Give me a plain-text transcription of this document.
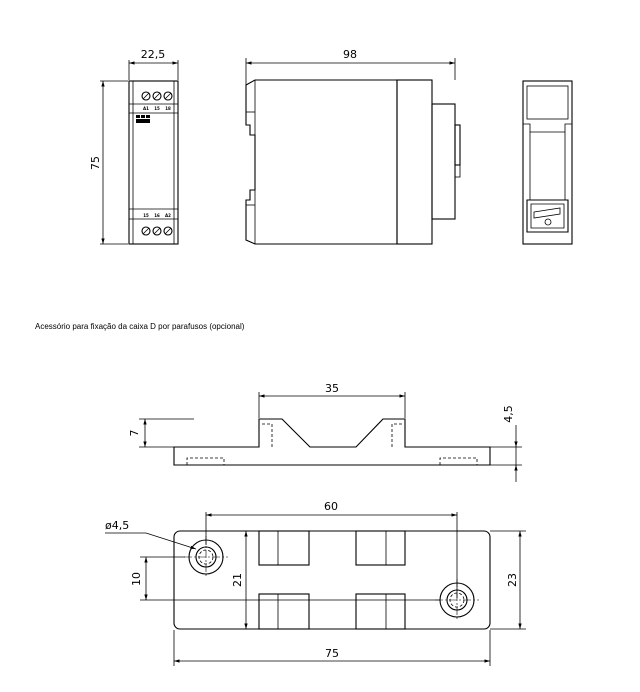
22,5
75
A1 15 18
15 16 A2
98
35
7
4,5
60
ø4,5
21
10	23
75
Acessório para fixação da caixa D por parafusos (opcional)
